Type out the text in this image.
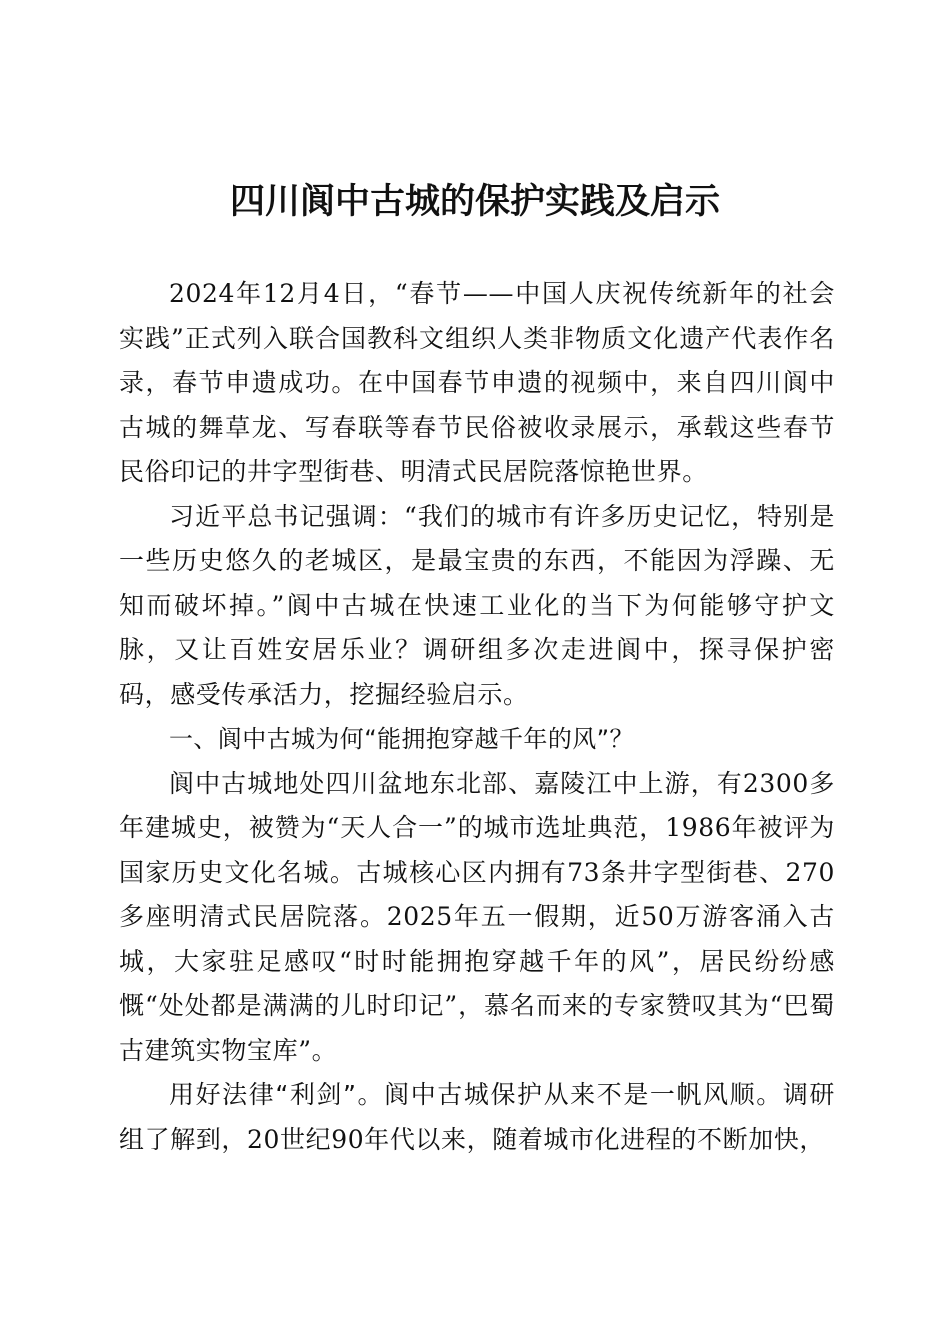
四川阆中古城的保护实践及启示

2024年12月4日，“春节——中国人庆祝传统新年的社会实践”正式列入联合国教科文组织人类非物质文化遗产代表作名录，春节申遗成功。在中国春节申遗的视频中，来自四川阆中古城的舞草龙、写春联等春节民俗被收录展示，承载这些春节民俗印记的井字型街巷、明清式民居院落惊艳世界。

习近平总书记强调：“我们的城市有许多历史记忆，特别是一些历史悠久的老城区，是最宝贵的东西，不能因为浮躁、无知而破坏掉。”阆中古城在快速工业化的当下为何能够守护文脉，又让百姓安居乐业？调研组多次走进阆中，探寻保护密码，感受传承活力，挖掘经验启示。

一、阆中古城为何“能拥抱穿越千年的风”？

阆中古城地处四川盆地东北部、嘉陵江中上游，有2300多年建城史，被赞为“天人合一”的城市选址典范，1986年被评为国家历史文化名城。古城核心区内拥有73条井字型街巷、270多座明清式民居院落。2025年五一假期，近50万游客涌入古城，大家驻足感叹“时时能拥抱穿越千年的风”，居民纷纷感慨“处处都是满满的儿时印记”，慕名而来的专家赞叹其为“巴蜀古建筑实物宝库”。

用好法律“利剑”。阆中古城保护从来不是一帆风顺。调研组了解到，20世纪90年代以来，随着城市化进程的不断加快，
